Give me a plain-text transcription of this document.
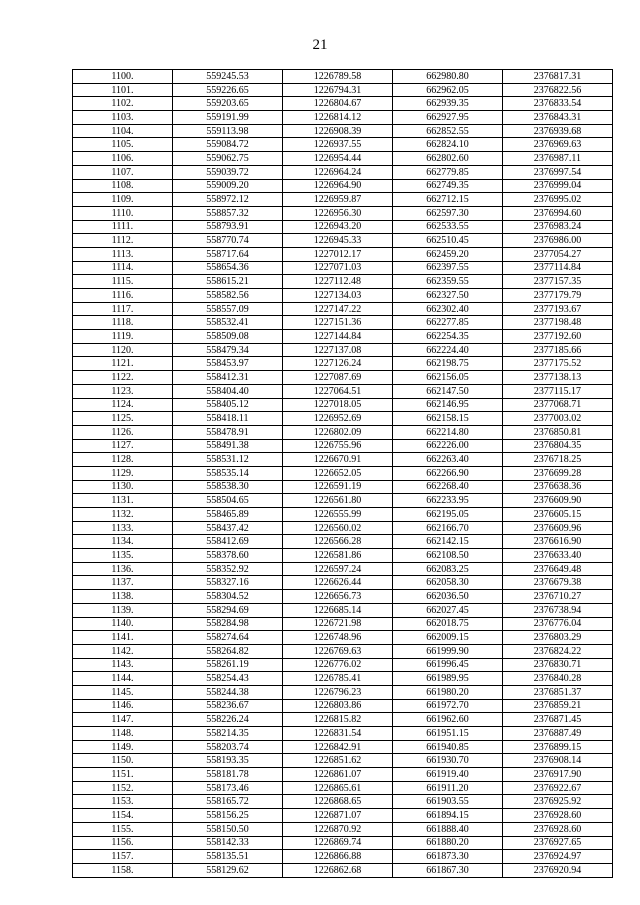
21
1100.	559245.53	1226789.58	662980.80	2376817.31
1101.	559226.65	1226794.31	662962.05	2376822.56
1102.	559203.65	1226804.67	662939.35	2376833.54
1103.	559191.99	1226814.12	662927.95	2376843.31
1104.	559113.98	1226908.39	662852.55	2376939.68
1105.	559084.72	1226937.55	662824.10	2376969.63
1106.	559062.75	1226954.44	662802.60	2376987.11
1107.	559039.72	1226964.24	662779.85	2376997.54
1108.	559009.20	1226964.90	662749.35	2376999.04
1109.	558972.12	1226959.87	662712.15	2376995.02
1110.	558857.32	1226956.30	662597.30	2376994.60
1111.	558793.91	1226943.20	662533.55	2376983.24
1112.	558770.74	1226945.33	662510.45	2376986.00
1113.	558717.64	1227012.17	662459.20	2377054.27
1114.	558654.36	1227071.03	662397.55	2377114.84
1115.	558615.21	1227112.48	662359.55	2377157.35
1116.	558582.56	1227134.03	662327.50	2377179.79
1117.	558557.09	1227147.22	662302.40	2377193.67
1118.	558532.41	1227151.36	662277.85	2377198.48
1119.	558509.08	1227144.84	662254.35	2377192.60
1120.	558479.34	1227137.08	662224.40	2377185.66
1121.	558453.97	1227126.24	662198.75	2377175.52
1122.	558412.31	1227087.69	662156.05	2377138.13
1123.	558404.40	1227064.51	662147.50	2377115.17
1124.	558405.12	1227018.05	662146.95	2377068.71
1125.	558418.11	1226952.69	662158.15	2377003.02
1126.	558478.91	1226802.09	662214.80	2376850.81
1127.	558491.38	1226755.96	662226.00	2376804.35
1128.	558531.12	1226670.91	662263.40	2376718.25
1129.	558535.14	1226652.05	662266.90	2376699.28
1130.	558538.30	1226591.19	662268.40	2376638.36
1131.	558504.65	1226561.80	662233.95	2376609.90
1132.	558465.89	1226555.99	662195.05	2376605.15
1133.	558437.42	1226560.02	662166.70	2376609.96
1134.	558412.69	1226566.28	662142.15	2376616.90
1135.	558378.60	1226581.86	662108.50	2376633.40
1136.	558352.92	1226597.24	662083.25	2376649.48
1137.	558327.16	1226626.44	662058.30	2376679.38
1138.	558304.52	1226656.73	662036.50	2376710.27
1139.	558294.69	1226685.14	662027.45	2376738.94
1140.	558284.98	1226721.98	662018.75	2376776.04
1141.	558274.64	1226748.96	662009.15	2376803.29
1142.	558264.82	1226769.63	661999.90	2376824.22
1143.	558261.19	1226776.02	661996.45	2376830.71
1144.	558254.43	1226785.41	661989.95	2376840.28
1145.	558244.38	1226796.23	661980.20	2376851.37
1146.	558236.67	1226803.86	661972.70	2376859.21
1147.	558226.24	1226815.82	661962.60	2376871.45
1148.	558214.35	1226831.54	661951.15	2376887.49
1149.	558203.74	1226842.91	661940.85	2376899.15
1150.	558193.35	1226851.62	661930.70	2376908.14
1151.	558181.78	1226861.07	661919.40	2376917.90
1152.	558173.46	1226865.61	661911.20	2376922.67
1153.	558165.72	1226868.65	661903.55	2376925.92
1154.	558156.25	1226871.07	661894.15	2376928.60
1155.	558150.50	1226870.92	661888.40	2376928.60
1156.	558142.33	1226869.74	661880.20	2376927.65
1157.	558135.51	1226866.88	661873.30	2376924.97
1158.	558129.62	1226862.68	661867.30	2376920.94
